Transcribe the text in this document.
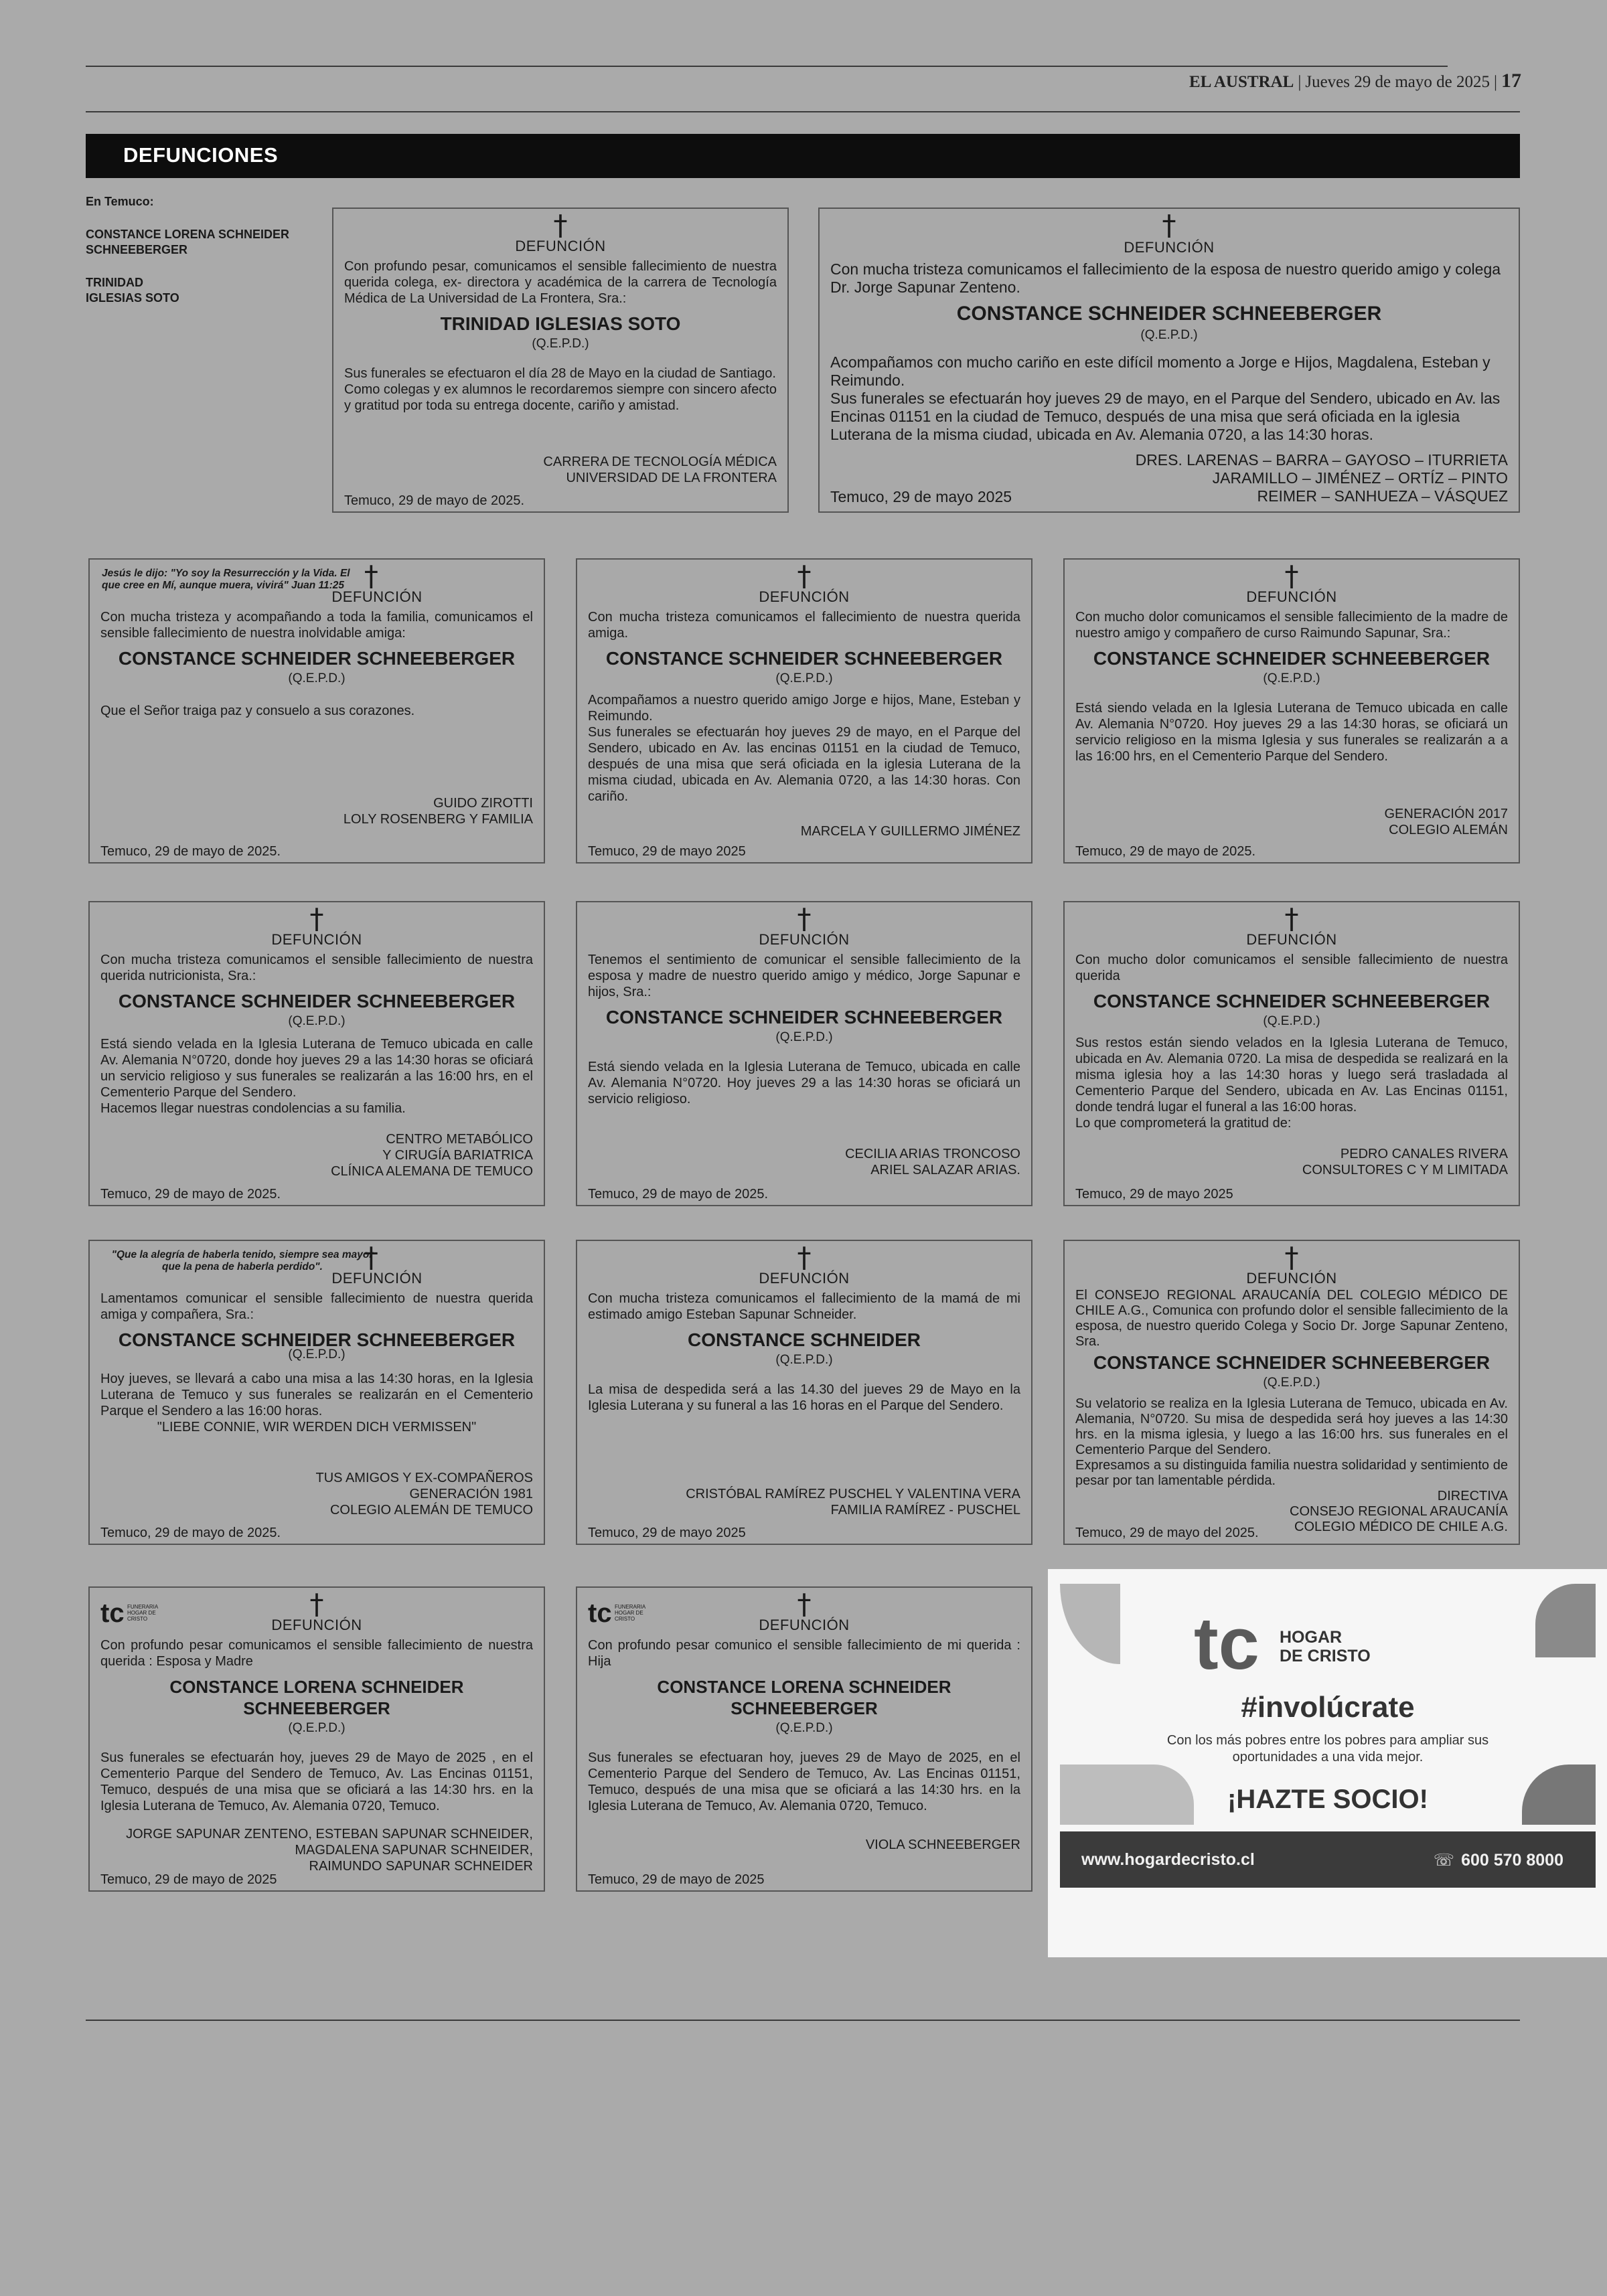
EL AUSTRAL | Jueves 29 de mayo de 2025 | 17
DEFUNCIONES
En Temuco:
CONSTANCE LORENA SCHNEIDER SCHNEEBERGER
TRINIDAD IGLESIAS SOTO
†
DEFUNCIÓN
Con profundo pesar, comunicamos el sensible fallecimiento de nuestra querida colega, ex- directora y académica de la carrera de Tecnología Médica de La Universidad de La Frontera, Sra.:
TRINIDAD IGLESIAS SOTO
(Q.E.P.D.)

Sus funerales se efectuaron el día 28 de Mayo en la ciudad de Santiago.

Como colegas y ex alumnos le recordaremos siempre con sincero afecto y gratitud por toda su entrega docente, cariño y amistad.

CARRERA DE TECNOLOGÍA MÉDICA
UNIVERSIDAD DE LA FRONTERA
Temuco, 29 de mayo de 2025.
†
DEFUNCIÓN
Con mucha tristeza comunicamos el fallecimiento de la esposa de nuestro querido amigo y colega Dr. Jorge Sapunar Zenteno.
CONSTANCE SCHNEIDER SCHNEEBERGER
(Q.E.P.D.)

Acompañamos con mucho cariño en este difícil momento a Jorge e Hijos, Magdalena, Esteban y Reimundo.

Sus funerales se efectuarán hoy jueves 29 de mayo, en el Parque del Sendero, ubicado en Av. las Encinas 01151 en la ciudad de Temuco, después de una misa que será oficiada en la iglesia Luterana de la misma ciudad, ubicada en Av. Alemania 0720, a las 14:30 horas.

DRES. LARENAS – BARRA – GAYOSO – ITURRIETA
JARAMILLO – JIMÉNEZ – ORTÍZ – PINTO
REIMER – SANHUEZA – VÁSQUEZ
Temuco, 29 de mayo 2025
Jesús le dijo: "Yo soy la Resurrección y la Vida. El que cree en Mí, aunque muera, vivirá" Juan 11:25 †
DEFUNCIÓN
Con mucha tristeza y acompañando a toda la familia, comunicamos el sensible fallecimiento de nuestra inolvidable amiga:
CONSTANCE SCHNEIDER SCHNEEBERGER
(Q.E.P.D.)

Que el Señor traiga paz y consuelo a sus corazones.

GUIDO ZIROTTI
LOLY ROSENBERG Y FAMILIA
Temuco, 29 de mayo de 2025.
†
DEFUNCIÓN
Con mucha tristeza comunicamos el fallecimiento de nuestra querida amiga.
CONSTANCE SCHNEIDER SCHNEEBERGER
(Q.E.P.D.)

Acompañamos a nuestro querido amigo Jorge e hijos, Mane, Esteban y Reimundo.

Sus funerales se efectuarán hoy jueves 29 de mayo, en el Parque del Sendero, ubicado en Av. las encinas 01151 en la ciudad de Temuco, después de una misa que será oficiada en la iglesia Luterana de la misma ciudad, ubicada en Av. Alemania 0720, a las 14:30 horas. Con cariño.

MARCELA Y GUILLERMO JIMÉNEZ
Temuco, 29 de mayo 2025
†
DEFUNCIÓN
Con mucho dolor comunicamos el sensible fallecimiento de la madre de nuestro amigo y compañero de curso Raimundo Sapunar, Sra.:
CONSTANCE SCHNEIDER SCHNEEBERGER
(Q.E.P.D.)

Está siendo velada en la Iglesia Luterana de Temuco ubicada en calle Av. Alemania N°0720. Hoy jueves 29 a las 14:30 horas, se oficiará un servicio religioso en la misma Iglesia y sus funerales se realizarán a a las 16:00 hrs, en el Cementerio Parque del Sendero.

GENERACIÓN 2017
COLEGIO ALEMÁN
Temuco, 29 de mayo de 2025.
†
DEFUNCIÓN
Con mucha tristeza comunicamos el sensible fallecimiento de nuestra querida nutricionista, Sra.:
CONSTANCE SCHNEIDER SCHNEEBERGER
(Q.E.P.D.)

Está siendo velada en la Iglesia Luterana de Temuco ubicada en calle Av. Alemania N°0720, donde hoy jueves 29 a las 14:30 horas se oficiará un servicio religioso y sus funerales se realizarán a las 16:00 hrs, en el Cementerio Parque del Sendero.

Hacemos llegar nuestras condolencias a su familia.

CENTRO METABÓLICO
Y CIRUGÍA BARIATRICA
CLÍNICA ALEMANA DE TEMUCO
Temuco, 29 de mayo de 2025.
†
DEFUNCIÓN
Tenemos el sentimiento de comunicar el sensible fallecimiento de la esposa y madre de nuestro querido amigo y médico, Jorge Sapunar e hijos, Sra.:
CONSTANCE SCHNEIDER SCHNEEBERGER
(Q.E.P.D.)

Está siendo velada en la Iglesia Luterana de Temuco, ubicada en calle Av. Alemania N°0720. Hoy jueves 29 a las 14:30 horas se oficiará un servicio religioso.

CECILIA ARIAS TRONCOSO
ARIEL SALAZAR ARIAS.
Temuco, 29 de mayo de 2025.
†
DEFUNCIÓN
Con mucho dolor comunicamos el sensible fallecimiento de nuestra querida
CONSTANCE SCHNEIDER SCHNEEBERGER
(Q.E.P.D.)

Sus restos están siendo velados en la Iglesia Luterana de Temuco, ubicada en Av. Alemania 0720. La misa de despedida se realizará en la misma iglesia hoy a las 14:30 horas y luego será trasladada al Cementerio Parque del Sendero, ubicada en Av. Las Encinas 01151, donde tendrá lugar el funeral a las 16:00 horas.

Lo que comprometerá la gratitud de:

PEDRO CANALES RIVERA
CONSULTORES C Y M LIMITADA
Temuco, 29 de mayo 2025
"Que la alegría de haberla tenido, siempre sea mayor que la pena de haberla perdido".	†
DEFUNCIÓN
Lamentamos comunicar el sensible fallecimiento de nuestra querida amiga y compañera, Sra.:
CONSTANCE SCHNEIDER SCHNEEBERGER
(Q.E.P.D.)

Hoy jueves, se llevará a cabo una misa a las 14:30 horas, en la Iglesia Luterana de Temuco y sus funerales se realizarán en el Cementerio Parque el Sendero a las 16:00 horas.

"LIEBE CONNIE, WIR WERDEN DICH VERMISSEN"

TUS AMIGOS Y EX-COMPAÑEROS
GENERACIÓN 1981
COLEGIO ALEMÁN DE TEMUCO
Temuco, 29 de mayo de 2025.
†
DEFUNCIÓN
Con mucha tristeza comunicamos el fallecimiento de la mamá de mi estimado amigo Esteban Sapunar Schneider.
CONSTANCE SCHNEIDER
(Q.E.P.D.)

La misa de despedida será a las 14.30 del jueves 29 de Mayo en la Iglesia Luterana y su funeral a las 16 horas en el Parque del Sendero.

CRISTÓBAL RAMÍREZ PUSCHEL Y VALENTINA VERA
FAMILIA RAMÍREZ - PUSCHEL
Temuco, 29 de mayo 2025
†
DEFUNCIÓN
El CONSEJO REGIONAL ARAUCANÍA DEL COLEGIO MÉDICO DE CHILE A.G., Comunica con profundo dolor el sensible fallecimiento de la esposa, de nuestro querido Colega y Socio Dr. Jorge Sapunar Zenteno, Sra.
CONSTANCE SCHNEIDER SCHNEEBERGER
(Q.E.P.D.)

Su velatorio se realiza en la Iglesia Luterana de Temuco, ubicada en Av. Alemania, N°0720. Su misa de despedida será hoy jueves a las 14:30 hrs. en la misma iglesia, y luego a las 16:00 hrs. sus funerales en el Cementerio Parque del Sendero.

Expresamos a su distinguida familia nuestra solidaridad y sentimiento de pesar por tan lamentable pérdida.

DIRECTIVA
CONSEJO REGIONAL ARAUCANÍA
COLEGIO MÉDICO DE CHILE A.G.
Temuco, 29 de mayo del 2025.
tc FUNERARIA HOGAR DE CRISTO	†
DEFUNCIÓN
Con profundo pesar comunicamos el sensible fallecimiento de nuestra querida : Esposa y Madre
CONSTANCE LORENA SCHNEIDER SCHNEEBERGER
(Q.E.P.D.)

Sus funerales se efectuarán hoy, jueves 29 de Mayo de 2025 , en el Cementerio Parque del Sendero de Temuco, Av. Las Encinas 01151, Temuco, después de una misa que se oficiará a las 14:30 hrs. en la Iglesia Luterana de Temuco, Av. Alemania 0720, Temuco.

JORGE SAPUNAR ZENTENO, ESTEBAN SAPUNAR SCHNEIDER,
MAGDALENA SAPUNAR SCHNEIDER,
RAIMUNDO SAPUNAR SCHNEIDER
Temuco, 29 de mayo de 2025
tc FUNERARIA HOGAR DE CRISTO	†
DEFUNCIÓN
Con profundo pesar comunico el sensible fallecimiento de mi querida : Hija
CONSTANCE LORENA SCHNEIDER SCHNEEBERGER
(Q.E.P.D.)

Sus funerales se efectuaran hoy, jueves 29 de Mayo de 2025, en el Cementerio Parque del Sendero de Temuco, Av. Las Encinas 01151, Temuco, después de una misa que se oficiará a las 14:30 hrs. en la Iglesia Luterana de Temuco, Av. Alemania 0720, Temuco.

VIOLA SCHNEEBERGER
Temuco, 29 de mayo de 2025
tc HOGAR
DE CRISTO
#involúcrate
Con los más pobres entre los pobres para ampliar sus oportunidades a una vida mejor.
¡HAZTE SOCIO!
www.hogardecristo.cl	☏ 600 570 8000
